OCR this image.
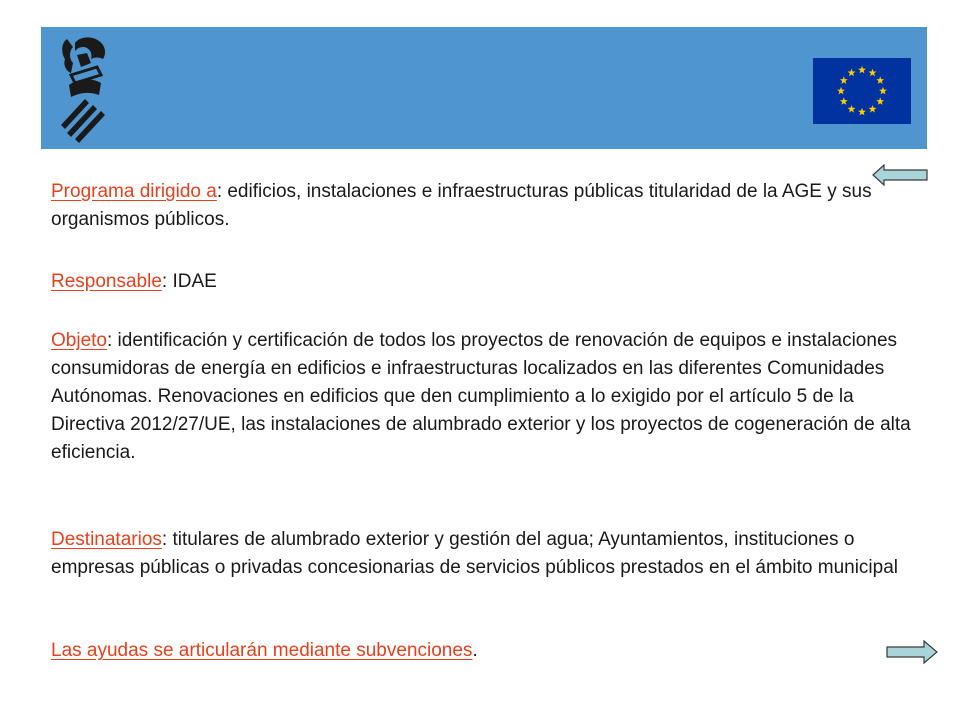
Programa dirigido a: edificios, instalaciones e infraestructuras públicas titularidad de la AGE y sus organismos públicos.

Responsable: IDAE

Objeto: identificación y certificación de todos los proyectos de renovación de equipos e instalaciones consumidoras de energía en edificios e infraestructuras localizados en las diferentes Comunidades Autónomas. Renovaciones en edificios que den cumplimiento a lo exigido por el artículo 5 de la Directiva 2012/27/UE, las instalaciones de alumbrado exterior y los proyectos de cogeneración de alta eficiencia.

Destinatarios: titulares de alumbrado exterior y gestión del agua; Ayuntamientos, instituciones o empresas públicas o privadas concesionarias de servicios públicos prestados en el ámbito municipal

Las ayudas se articularán mediante subvenciones.
